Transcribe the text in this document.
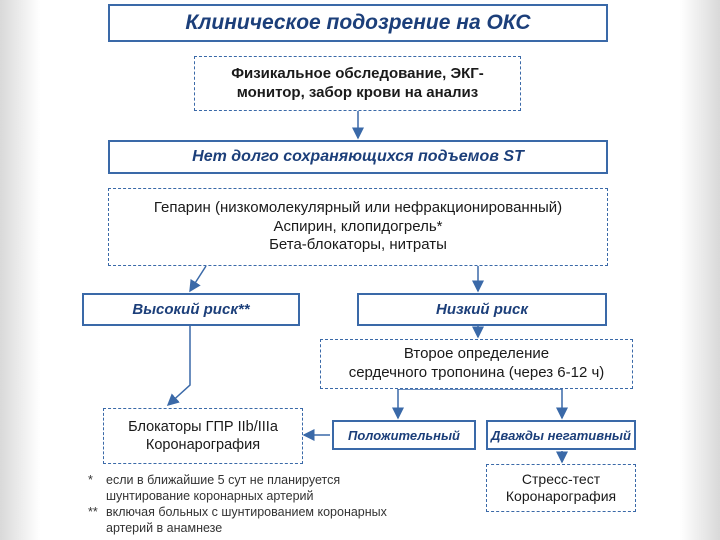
Клиническое подозрение на ОКС
Физикальное обследование, ЭКГ-
монитор, забор крови на анализ
Нет долго сохраняющихся подъемов ST
Гепарин (низкомолекулярный или нефракционированный)
Аспирин, клопидогрель*
Бета-блокаторы, нитраты
Высокий риск**	Низкий риск
Второе определение
сердечного тропонина (через 6-12 ч)
Блокаторы ГПР IIb/IIIa
Коронарография
Положительный Дважды негативный
Стресс-тест
Коронарография
* если в ближайшие 5 сут не планируется
шунтирование коронарных артерий
** включая больных с шунтированием коронарных
артерий в анамнезе
